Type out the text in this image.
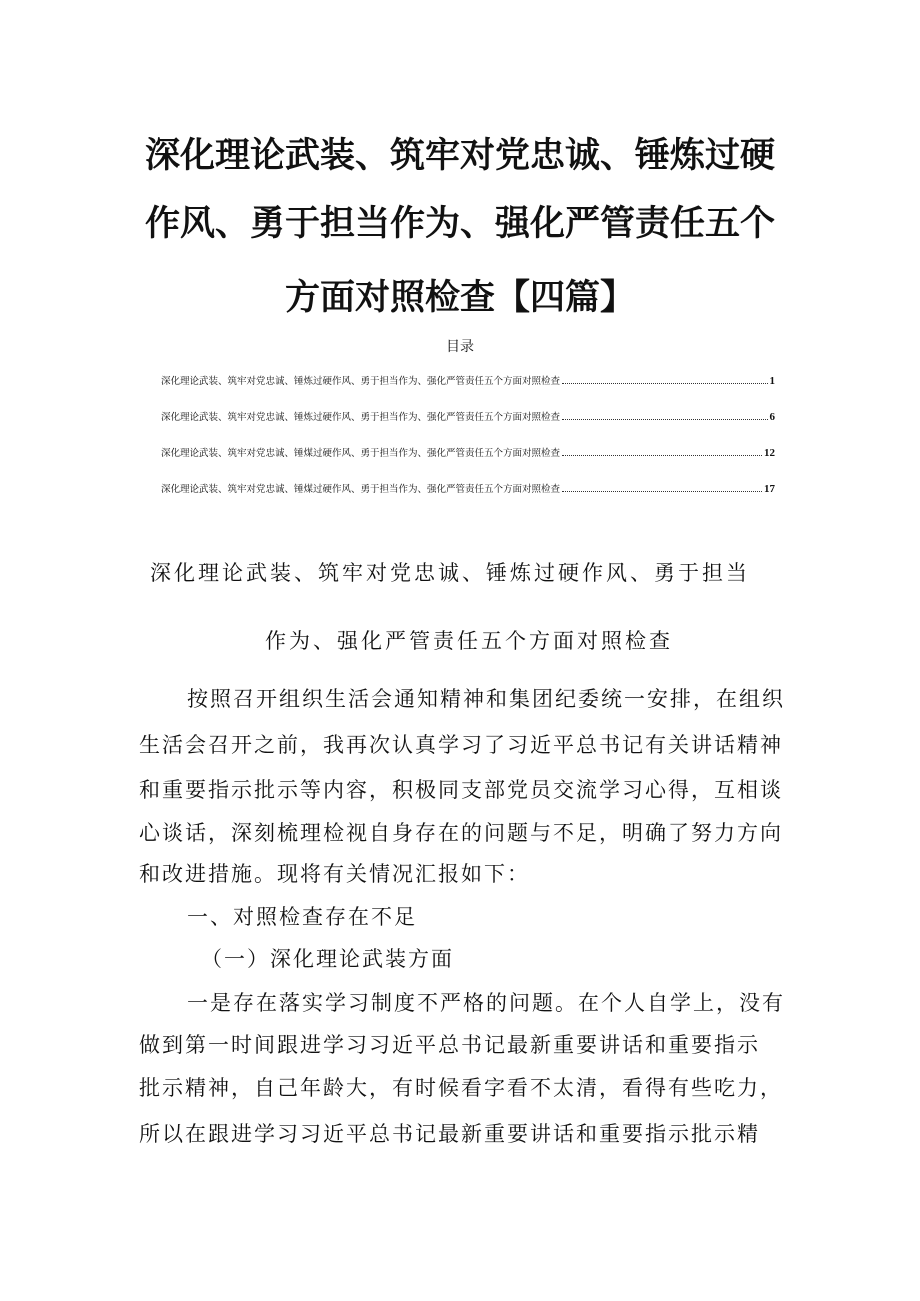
深化理论武装、筑牢对党忠诚、锤炼过硬
作风、勇于担当作为、强化严管责任五个
方面对照检查【四篇】
目录
深化理论武装、筑牢对党忠诚、锤炼过硬作风、勇于担当作为、强化严管责任五个方面对照检查	1
深化理论武装、筑牢对党忠诚、锤炼过硬作风、勇于担当作为、强化严管责任五个方面对照检查	6
深化理论武装、筑牢对党忠诚、锤煤过硬作风、勇于担当作为、强化严管责任五个方面对照检查	12
深化理论武装、筑牢对党忠诚、锤煤过硬作风、勇于担当作为、强化严管责任五个方面对照检查	17
深化理论武装、筑牢对党忠诚、锤炼过硬作风、勇于担当
作为、强化严管责任五个方面对照检查
按照召开组织生活会通知精神和集团纪委统一安排，在组织
生活会召开之前，我再次认真学习了习近平总书记有关讲话精神
和重要指示批示等内容，积极同支部党员交流学习心得，互相谈
心谈话，深刻梳理检视自身存在的问题与不足，明确了努力方向
和改进措施。现将有关情况汇报如下：
一、对照检查存在不足
（一）深化理论武装方面
一是存在落实学习制度不严格的问题。在个人自学上，没有
做到第一时间跟进学习习近平总书记最新重要讲话和重要指示
批示精神，自己年龄大，有时候看字看不太清，看得有些吃力，
所以在跟进学习习近平总书记最新重要讲话和重要指示批示精
